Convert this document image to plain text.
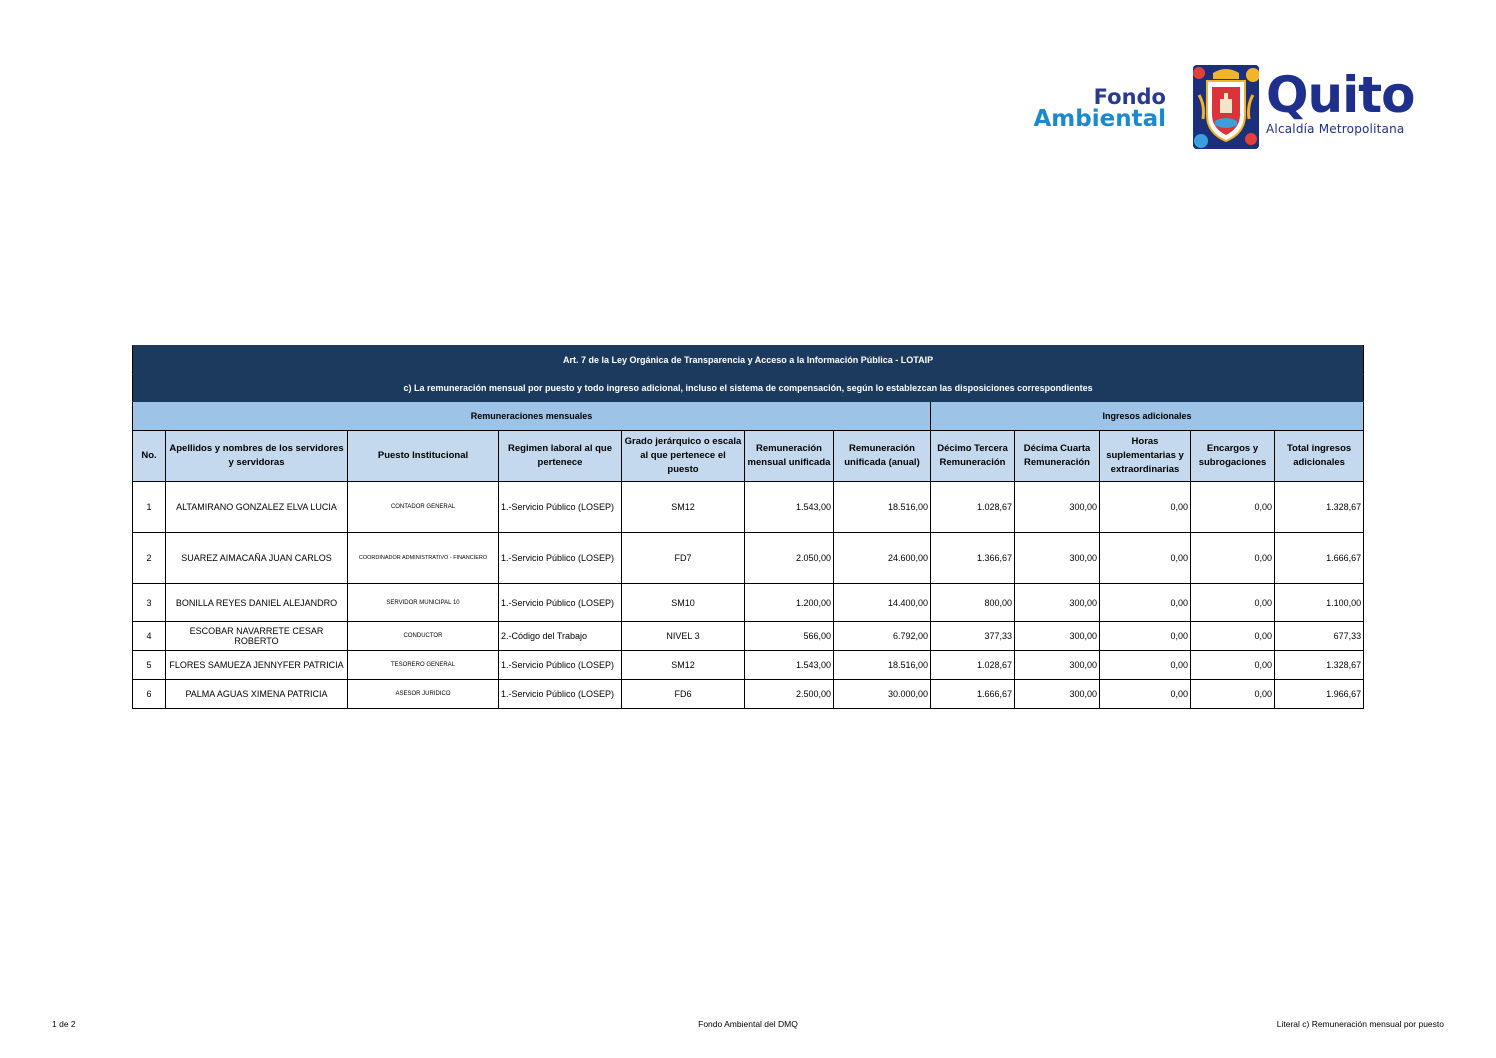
Fondo
Ambiental Quito
Alcaldía Metropolitana
Art. 7 de la Ley Orgánica de Transparencia y Acceso a la Información Pública - LOTAIP											
c) La remuneración mensual por puesto y todo ingreso adicional, incluso el sistema de compensación, según lo establezcan las disposiciones correspondientes											
Remuneraciones mensuales							Ingresos adicionales				
No.	Apellidos y nombres de los servidores y servidoras	Puesto Institucional	Regimen laboral al que pertenece	Grado jerárquico o escala al que pertenece el puesto	Remuneración mensual unificada	Remuneración unificada (anual)	Décimo Tercera Remuneración	Décima Cuarta Remuneración	Horas suplementarias y extraordinarias	Encargos y subrogaciones	Total ingresos adicionales
1	ALTAMIRANO GONZALEZ ELVA LUCIA	CONTADOR GENERAL	1.-Servicio Público (LOSEP)	SM12	1.543,00	18.516,00	1.028,67	300,00	0,00	0,00	1.328,67
2	SUAREZ AIMACAÑA JUAN CARLOS	COORDINADOR ADMINISTRATIVO - FINANCIERO	1.-Servicio Público (LOSEP)	FD7	2.050,00	24.600,00	1.366,67	300,00	0,00	0,00	1.666,67
3	BONILLA REYES DANIEL ALEJANDRO	SERVIDOR MUNICIPAL 10	1.-Servicio Público (LOSEP)	SM10	1.200,00	14.400,00	800,00	300,00	0,00	0,00	1.100,00
4	ESCOBAR NAVARRETE CESAR ROBERTO	CONDUCTOR	2.-Código del Trabajo	NIVEL 3	566,00	6.792,00	377,33	300,00	0,00	0,00	677,33
5	FLORES SAMUEZA JENNYFER PATRICIA	TESORERO GENERAL	1.-Servicio Público (LOSEP)	SM12	1.543,00	18.516,00	1.028,67	300,00	0,00	0,00	1.328,67
6	PALMA AGUAS XIMENA PATRICIA	ASESOR JURIDICO	1.-Servicio Público (LOSEP)	FD6	2.500,00	30.000,00	1.666,67	300,00	0,00	0,00	1.966,67
1 de 2	Fondo Ambiental del DMQ	Literal c) Remuneración mensual por puesto
